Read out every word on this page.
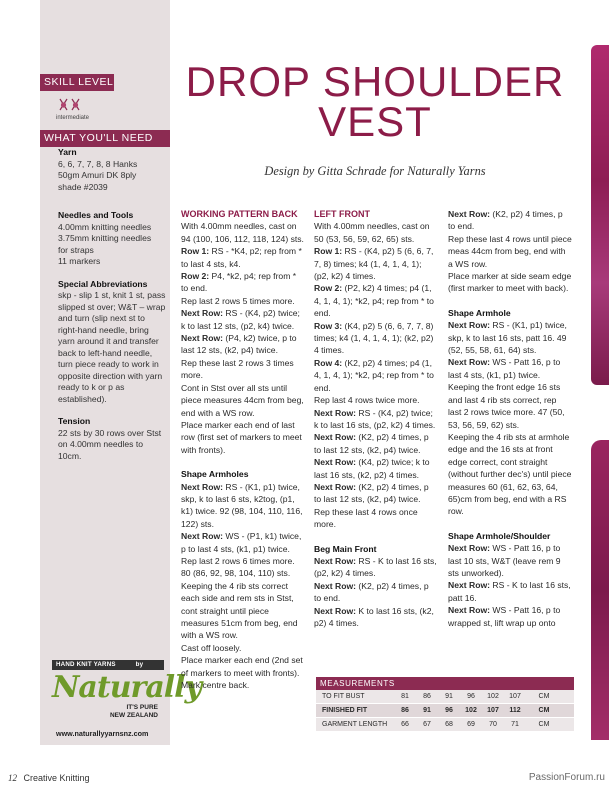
SKILL LEVEL
intermediate
WHAT YOU'LL NEED
Yarn
6, 6, 7, 7, 8, 8 Hanks
50gm Amuri DK 8ply
shade #2039
Needles and Tools
4.00mm knitting needles
3.75mm knitting needles
for straps
11 markers
Special Abbreviations
skp - slip 1 st, knit 1 st, pass slipped st over; W&T – wrap and turn (slip next st to right-hand needle, bring yarn around it and transfer back to left-hand needle, turn piece ready to work in opposite direction with yarn ready to k or p as established).
Tension
22 sts by 30 rows over Stst on 4.00mm needles to 10cm.
HAND KNIT YARNS	by
Naturally
IT'S PURE
NEW ZEALAND
www.naturallyyarnsnz.com
DROP SHOULDER
VEST
Design by Gitta Schrade for Naturally Yarns
WORKING PATTERN BACK
With 4.00mm needles, cast on 94 (100, 106, 112, 118, 124) sts.
Row 1: RS - *K4, p2; rep from * to last 4 sts, k4.
Row 2: P4, *k2, p4; rep from * to end.
Rep last 2 rows 5 times more.
Next Row: RS - (K4, p2) twice; k to last 12 sts, (p2, k4) twice.
Next Row: (P4, k2) twice, p to last 12 sts, (k2, p4) twice.
Rep these last 2 rows 3 times more.
Cont in Stst over all sts until piece measures 44cm from beg, end with a WS row.
Place marker each end of last row (first set of markers to meet with fronts).
Shape Armholes
Next Row: RS - (K1, p1) twice, skp, k to last 6 sts, k2tog, (p1, k1) twice. 92 (98, 104, 110, 116, 122) sts.
Next Row: WS - (P1, k1) twice, p to last 4 sts, (k1, p1) twice.
Rep last 2 rows 6 times more. 80 (86, 92, 98, 104, 110) sts.
Keeping the 4 rib sts correct each side and rem sts in Stst, cont straight until piece measures 51cm from beg, end with a WS row.
Cast off loosely.
Place marker each end (2nd set of markers to meet with fronts).
Mark centre back.
LEFT FRONT
With 4.00mm needles, cast on 50 (53, 56, 59, 62, 65) sts.
Row 1: RS - (K4, p2) 5 (6, 6, 7, 7, 8) times; k4 (1, 4, 1, 4, 1); (p2, k2) 4 times.
Row 2: (P2, k2) 4 times; p4 (1, 4, 1, 4, 1); *k2, p4; rep from * to end.
Row 3: (K4, p2) 5 (6, 6, 7, 7, 8) times; k4 (1, 4, 1, 4, 1); (k2, p2) 4 times.
Row 4: (K2, p2) 4 times; p4 (1, 4, 1, 4, 1); *k2, p4; rep from * to end.
Rep last 4 rows twice more.
Next Row: RS - (K4, p2) twice; k to last 16 sts, (p2, k2) 4 times.
Next Row: (K2, p2) 4 times, p to last 12 sts, (k2, p4) twice.
Next Row: (K4, p2) twice; k to last 16 sts, (k2, p2) 4 times.
Next Row: (K2, p2) 4 times, p to last 12 sts, (k2, p4) twice.
Rep these last 4 rows once more.
Beg Main Front
Next Row: RS - K to last 16 sts, (p2, k2) 4 times.
Next Row: (K2, p2) 4 times, p to end.
Next Row: K to last 16 sts, (k2, p2) 4 times.
Next Row: (K2, p2) 4 times, p to end.
Rep these last 4 rows until piece meas 44cm from beg, end with a WS row.
Place marker at side seam edge (first marker to meet with back).
Shape Armhole
Next Row: RS - (K1, p1) twice, skp, k to last 16 sts, patt 16. 49 (52, 55, 58, 61, 64) sts.
Next Row: WS - Patt 16, p to last 4 sts, (k1, p1) twice.
Keeping the front edge 16 sts and last 4 rib sts correct, rep last 2 rows twice more. 47 (50, 53, 56, 59, 62) sts.
Keeping the 4 rib sts at armhole edge and the 16 sts at front edge correct, cont straight (without further dec's) until piece measures 60 (61, 62, 63, 64, 65)cm from beg, end with a RS row.
Shape Armhole/Shoulder
Next Row: WS - Patt 16, p to last 10 sts, W&T (leave rem 9 sts unworked).
Next Row: RS - K to last 16 sts, patt 16.
Next Row: WS - Patt 16, p to wrapped st, lift wrap up onto
MEASUREMENTS
TO FIT BUST	81	86	91	96	102	107	CM
FINISHED FIT	86	91	96	102	107	112	CM
GARMENT LENGTH	66	67	68	69	70	71	CM
12 Creative Knitting	PassionForum.ru
